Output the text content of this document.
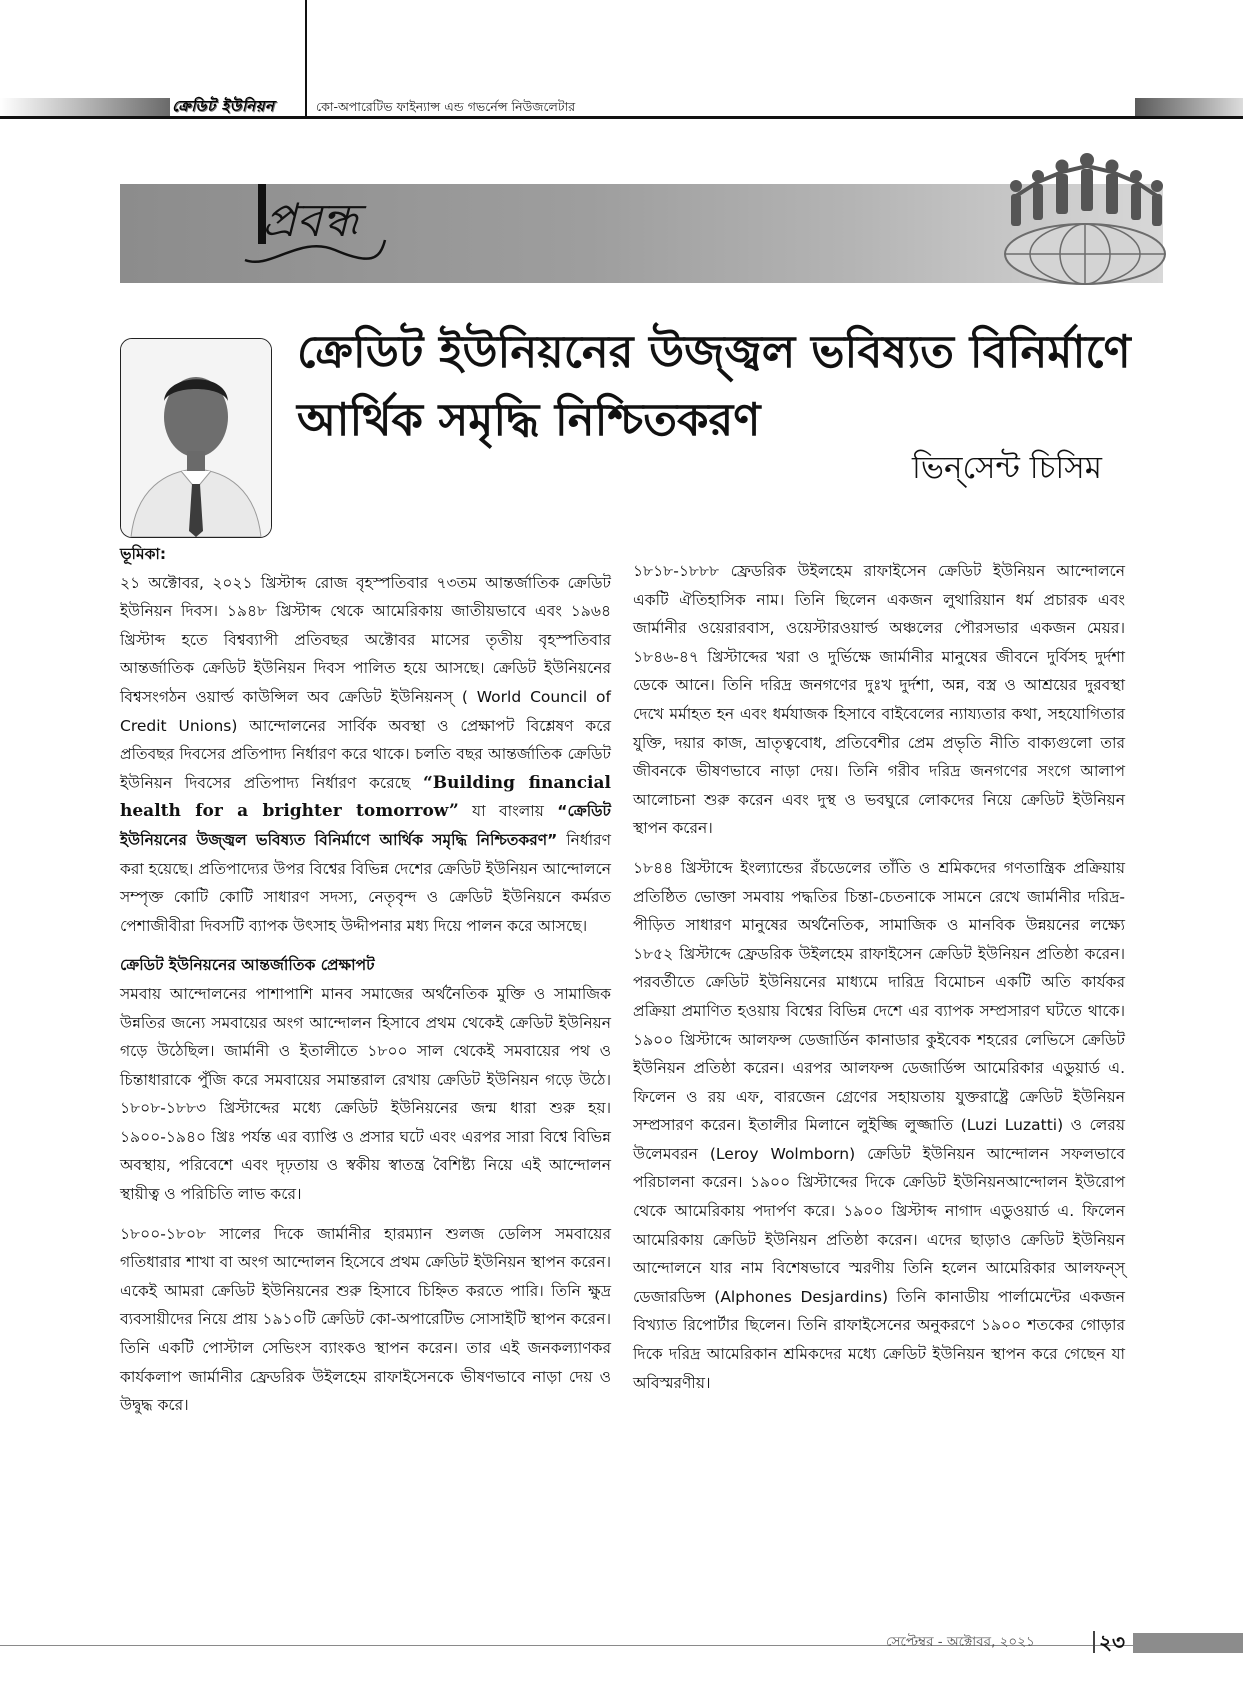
ক্রেডিট ইউনিয়ন	কো-অপারেটিভ ফাইন্যান্স এন্ড গভর্নেন্স নিউজলেটার
প্রবন্ধ
ক্রেডিট ইউনিয়নের উজ্জ্বল ভবিষ্যত বিনির্মাণে
আর্থিক সমৃদ্ধি নিশ্চিতকরণ
ভিন্‌সেন্ট চিসিম
ভূমিকা:

২১ অক্টোবর, ২০২১ খ্রিস্টাব্দ রোজ বৃহস্পতিবার ৭৩তম আন্তর্জাতিক ক্রেডিট ইউনিয়ন দিবস। ১৯৪৮ খ্রিস্টাব্দ থেকে আমেরিকায় জাতীয়ভাবে এবং ১৯৬৪ খ্রিস্টাব্দ হতে বিশ্বব্যাপী প্রতিবছর অক্টোবর মাসের তৃতীয় বৃহস্পতিবার আন্তর্জাতিক ক্রেডিট ইউনিয়ন দিবস পালিত হয়ে আসছে। ক্রেডিট ইউনিয়নের বিশ্বসংগঠন ওয়ার্ল্ড কাউন্সিল অব ক্রেডিট ইউনিয়নস্‌ ( World Council of Credit Unions) আন্দোলনের সার্বিক অবস্থা ও প্রেক্ষাপট বিশ্লেষণ করে প্রতিবছর দিবসের প্রতিপাদ্য নির্ধারণ করে থাকে। চলতি বছর আন্তর্জাতিক ক্রেডিট ইউনিয়ন দিবসের প্রতিপাদ্য নির্ধারণ করেছে “Building financial health for a brighter tomorrow” যা বাংলায় “ক্রেডিট ইউনিয়নের উজ্জ্বল ভবিষ্যত বিনির্মাণে আর্থিক সমৃদ্ধি নিশ্চিতকরণ” নির্ধারণ করা হয়েছে। প্রতিপাদ্যের উপর বিশ্বের বিভিন্ন দেশের ক্রেডিট ইউনিয়ন আন্দোলনে সম্পৃক্ত কোটি কোটি সাধারণ সদস্য, নেতৃবৃন্দ ও ক্রেডিট ইউনিয়নে কর্মরত পেশাজীবীরা দিবসটি ব্যাপক উৎসাহ উদ্দীপনার মধ্য দিয়ে পালন করে আসছে।

ক্রেডিট ইউনিয়নের আন্তর্জাতিক প্রেক্ষাপট

সমবায় আন্দোলনের পাশাপাশি মানব সমাজের অর্থনৈতিক মুক্তি ও সামাজিক উন্নতির জন্যে সমবায়ের অংগ আন্দোলন হিসাবে প্রথম থেকেই ক্রেডিট ইউনিয়ন গড়ে উঠেছিল। জার্মানী ও ইতালীতে ১৮০০ সাল থেকেই সমবায়ের পথ ও চিন্তাধারাকে পুঁজি করে সমবায়ের সমান্তরাল রেখায় ক্রেডিট ইউনিয়ন গড়ে উঠে। ১৮০৮-১৮৮৩ খ্রিস্টাব্দের মধ্যে ক্রেডিট ইউনিয়নের জন্ম ধারা শুরু হয়। ১৯০০-১৯৪০ খ্রিঃ পর্যন্ত এর ব্যাপ্তি ও প্রসার ঘটে এবং এরপর সারা বিশ্বে বিভিন্ন অবস্থায়, পরিবেশে এবং দৃঢ়তায় ও স্বকীয় স্বাতন্ত্র বৈশিষ্ট্য নিয়ে এই আন্দোলন স্থায়ীত্ব ও পরিচিতি লাভ করে।

১৮০০-১৮০৮ সালের দিকে জার্মানীর হারম্যান শুলজ ডেলিস সমবায়ের গতিধারার শাখা বা অংগ আন্দোলন হিসেবে প্রথম ক্রেডিট ইউনিয়ন স্থাপন করেন। একেই আমরা ক্রেডিট ইউনিয়নের শুরু হিসাবে চিহ্নিত করতে পারি। তিনি ক্ষুদ্র ব্যবসায়ীদের নিয়ে প্রায় ১৯১০টি ক্রেডিট কো-অপারেটিভ সোসাইটি স্থাপন করেন। তিনি একটি পোস্টাল সেভিংস ব্যাংকও স্থাপন করেন। তার এই জনকল্যাণকর কার্যকলাপ জার্মানীর ফ্রেডরিক উইলহেম রাফাইসেনকে ভীষণভাবে নাড়া দেয় ও উদ্বুদ্ধ করে।

১৮১৮-১৮৮৮ ফ্রেডরিক উইলহেম রাফাইসেন ক্রেডিট ইউনিয়ন আন্দোলনে একটি ঐতিহাসিক নাম। তিনি ছিলেন একজন লুথারিয়ান ধর্ম প্রচারক এবং জার্মানীর ওয়েরারবাস, ওয়েস্টারওয়ার্ল্ড অঞ্চলের পৌরসভার একজন মেয়র। ১৮৪৬-৪৭ খ্রিস্টাব্দের খরা ও দুর্ভিক্ষে জার্মানীর মানুষের জীবনে দুর্বিসহ দুর্দশা ডেকে আনে। তিনি দরিদ্র জনগণের দুঃখ দুর্দশা, অন্ন, বস্ত্র ও আশ্রয়ের দুরবস্থা দেখে মর্মাহত হন এবং ধর্মযাজক হিসাবে বাইবেলের ন্যায্যতার কথা, সহযোগিতার যুক্তি, দয়ার কাজ, ভ্রাতৃত্ববোধ, প্রতিবেশীর প্রেম প্রভৃতি নীতি বাক্যগুলো তার জীবনকে ভীষণভাবে নাড়া দেয়। তিনি গরীব দরিদ্র জনগণের সংগে আলাপ আলোচনা শুরু করেন এবং দুস্থ ও ভবঘুরে লোকদের নিয়ে ক্রেডিট ইউনিয়ন স্থাপন করেন।

১৮৪৪ খ্রিস্টাব্দে ইংল্যান্ডের রঁচডেলের তাঁতি ও শ্রমিকদের গণতান্ত্রিক প্রক্রিয়ায় প্রতিষ্ঠিত ভোক্তা সমবায় পদ্ধতির চিন্তা-চেতনাকে সামনে রেখে জার্মানীর দরিদ্র-পীড়িত সাধারণ মানুষের অর্থনৈতিক, সামাজিক ও মানবিক উন্নয়নের লক্ষ্যে ১৮৫২ খ্রিস্টাব্দে ফ্রেডরিক উইলহেম রাফাইসেন ক্রেডিট ইউনিয়ন প্রতিষ্ঠা করেন। পরবর্তীতে ক্রেডিট ইউনিয়নের মাধ্যমে দারিদ্র বিমোচন একটি অতি কার্যকর প্রক্রিয়া প্রমাণিত হওয়ায় বিশ্বের বিভিন্ন দেশে এর ব্যাপক সম্প্রসারণ ঘটতে থাকে। ১৯০০ খ্রিস্টাব্দে আলফন্স ডেজার্ডিন কানাডার কুইবেক শহরের লেভিসে ক্রেডিট ইউনিয়ন প্রতিষ্ঠা করেন। এরপর আলফন্স ডেজার্ডিন্স আমেরিকার এডুয়ার্ড এ. ফিলেন ও রয় এফ, বারজেন গ্রেণের সহায়তায় যুক্তরাষ্ট্রে ক্রেডিট ইউনিয়ন সম্প্রসারণ করেন। ইতালীর মিলানে লুইজ্জি লুজ্জাতি (Luzi Luzatti) ও লেরয় উলেমবরন (Leroy Wolmborn) ক্রেডিট ইউনিয়ন আন্দোলন সফলভাবে পরিচালনা করেন। ১৯০০ খ্রিস্টাব্দের দিকে ক্রেডিট ইউনিয়নআন্দোলন ইউরোপ থেকে আমেরিকায় পদার্পণ করে। ১৯০০ খ্রিস্টাব্দ নাগাদ এডুওয়ার্ড এ. ফিলেন আমেরিকায় ক্রেডিট ইউনিয়ন প্রতিষ্ঠা করেন। এদের ছাড়াও ক্রেডিট ইউনিয়ন আন্দোলনে যার নাম বিশেষভাবে স্মরণীয় তিনি হলেন আমেরিকার আলফন্স্‌ ডেজারডিন্স (Alphones Desjardins) তিনি কানাডীয় পার্লামেন্টের একজন বিখ্যাত রিপোর্টার ছিলেন। তিনি রাফাইসেনের অনুকরণে ১৯০০ শতকের গোড়ার দিকে দরিদ্র আমেরিকান শ্রমিকদের মধ্যে ক্রেডিট ইউনিয়ন স্থাপন করে গেছেন যা অবিস্মরণীয়।

সেপ্টেম্বর - অক্টোবর, ২০২১	২৩
